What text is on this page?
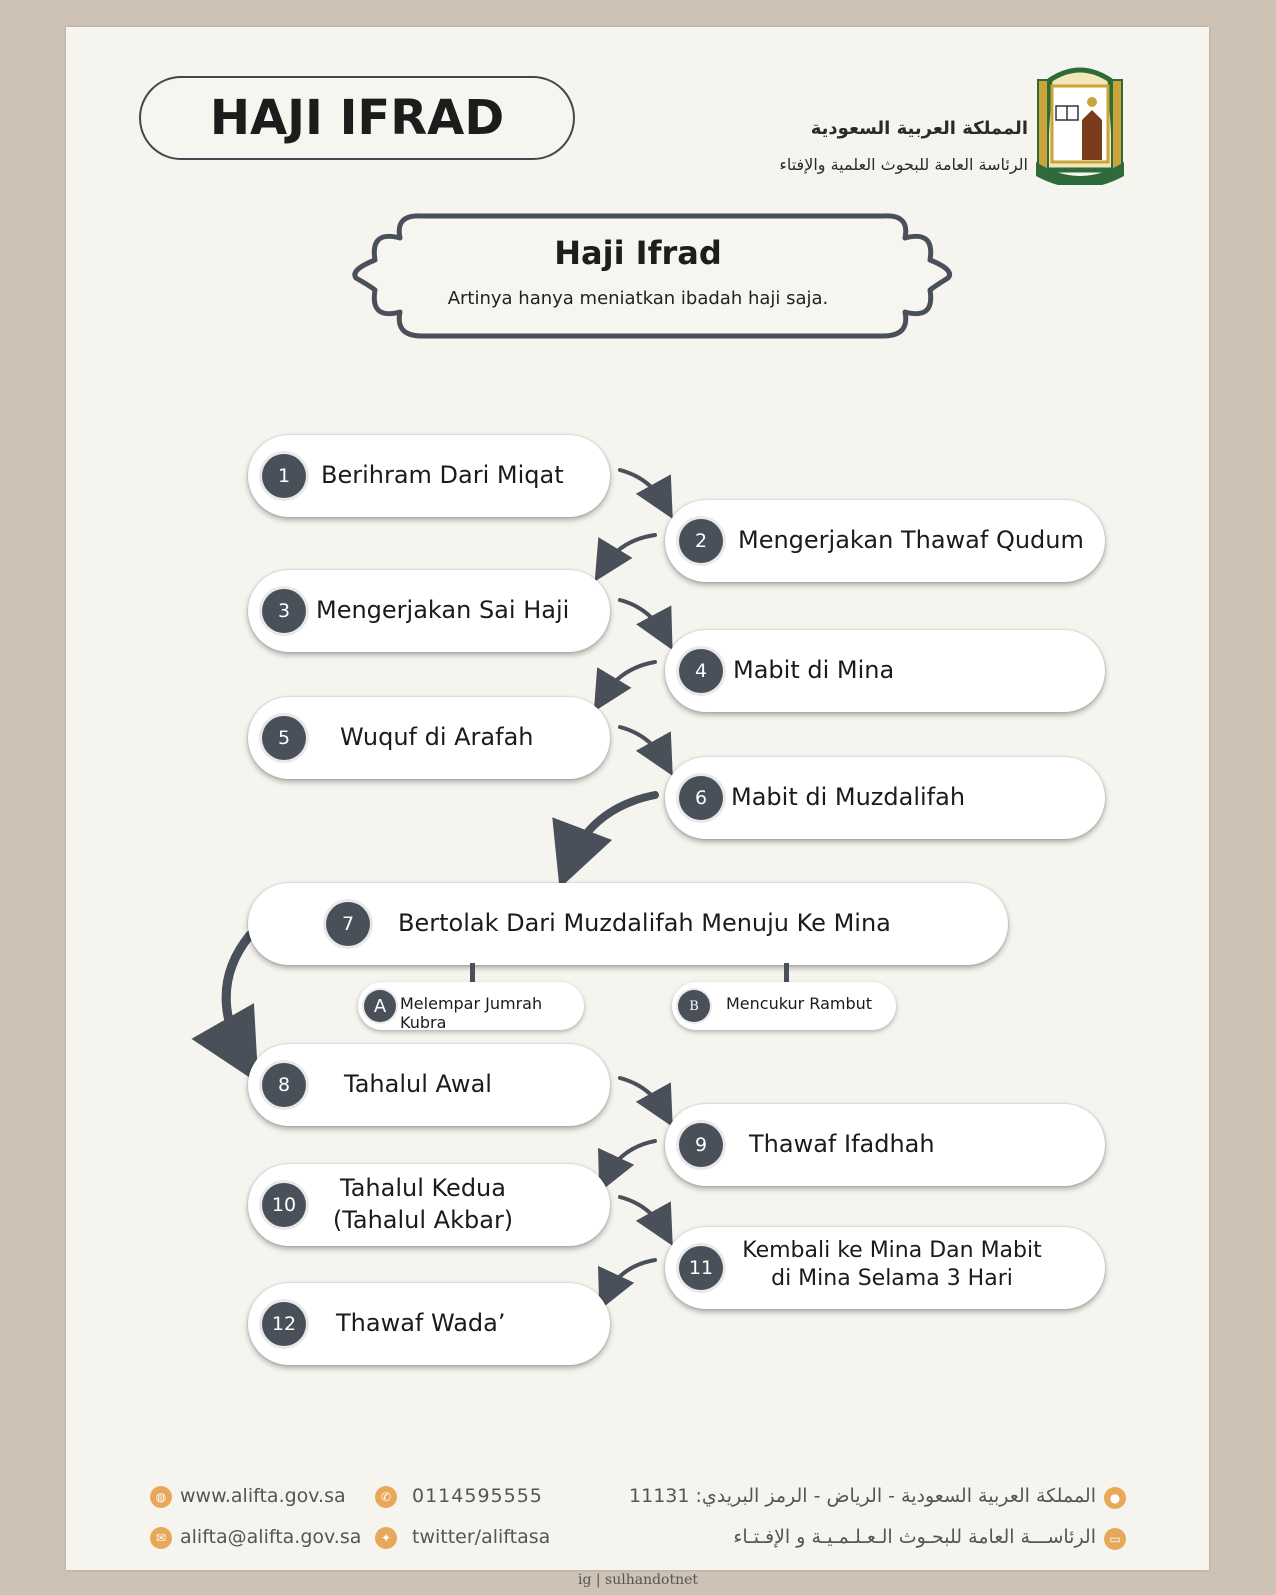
HAJI IFRAD	المملكة العربية السعودية
الرئاسة العامة للبحوث العلمية والإفتاء
Haji Ifrad
Artinya hanya meniatkan ibadah haji saja.
1	Berihram Dari Miqat
2	Mengerjakan Thawaf Qudum
3	Mengerjakan Sai Haji
4	Mabit di Mina
5	Wuquf di Arafah
6 Mabit di Muzdalifah
7	Bertolak Dari Muzdalifah Menuju Ke Mina
A Melempar Jumrah Kubra
B	Mencukur Rambut
8	Tahalul Awal
9	Thawaf Ifadhah
10
Tahalul Kedua
(Tahalul Akbar)
11
Kembali ke Mina Dan Mabit
di Mina Selama 3 Hari
12	Thawaf Wada’
◍ www.alifta.gov.sa
✉ alifta@alifta.gov.sa
✆	0114595555
✦	twitter/aliftasa
المملكة العربية السعودية - الرياض - الرمز البريدي: 11131	●
الرئاســـة العامة للبحـوث الـعـلـمـيـة و الإفـتـاء	▭
ig | sulhandotnet
